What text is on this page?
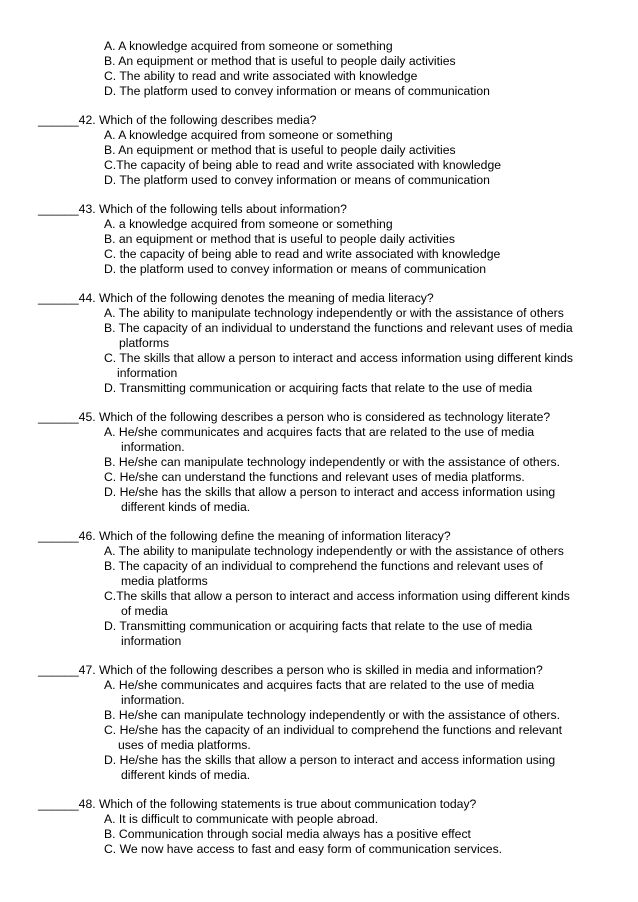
A. A knowledge acquired from someone or something
B. An equipment or method that is useful to people daily activities
C. The ability to read and write associated with knowledge
D. The platform used to convey information or means of communication
______42. Which of the following describes media?
A. A knowledge acquired from someone or something
B. An equipment or method that is useful to people daily activities
C.The capacity of being able to read and write associated with knowledge
D. The platform used to convey information or means of communication
______43. Which of the following tells about information?
A. a knowledge acquired from someone or something
B. an equipment or method that is useful to people daily activities
C. the capacity of being able to read and write associated with knowledge
D. the platform used to convey information or means of communication
______44. Which of the following denotes the meaning of media literacy?
A. The ability to manipulate technology independently or with the assistance of others
B. The capacity of an individual to understand the functions and relevant uses of media
platforms
C. The skills that allow a person to interact and access information using different kinds
information
D. Transmitting communication or acquiring facts that relate to the use of media
______45. Which of the following describes a person who is considered as technology literate?
A. He/she communicates and acquires facts that are related to the use of media
information.
B. He/she can manipulate technology independently or with the assistance of others.
C. He/she can understand the functions and relevant uses of media platforms.
D. He/she has the skills that allow a person to interact and access information using
different kinds of media.
______46. Which of the following define the meaning of information literacy?
A. The ability to manipulate technology independently or with the assistance of others
B. The capacity of an individual to comprehend the functions and relevant uses of
media platforms
C.The skills that allow a person to interact and access information using different kinds
of media
D. Transmitting communication or acquiring facts that relate to the use of media
information
______47. Which of the following describes a person who is skilled in media and information?
A. He/she communicates and acquires facts that are related to the use of media
information.
B. He/she can manipulate technology independently or with the assistance of others.
C. He/she has the capacity of an individual to comprehend the functions and relevant
uses of media platforms.
D. He/she has the skills that allow a person to interact and access information using
different kinds of media.
______48. Which of the following statements is true about communication today?
A. It is difficult to communicate with people abroad.
B. Communication through social media always has a positive effect
C. We now have access to fast and easy form of communication services.
